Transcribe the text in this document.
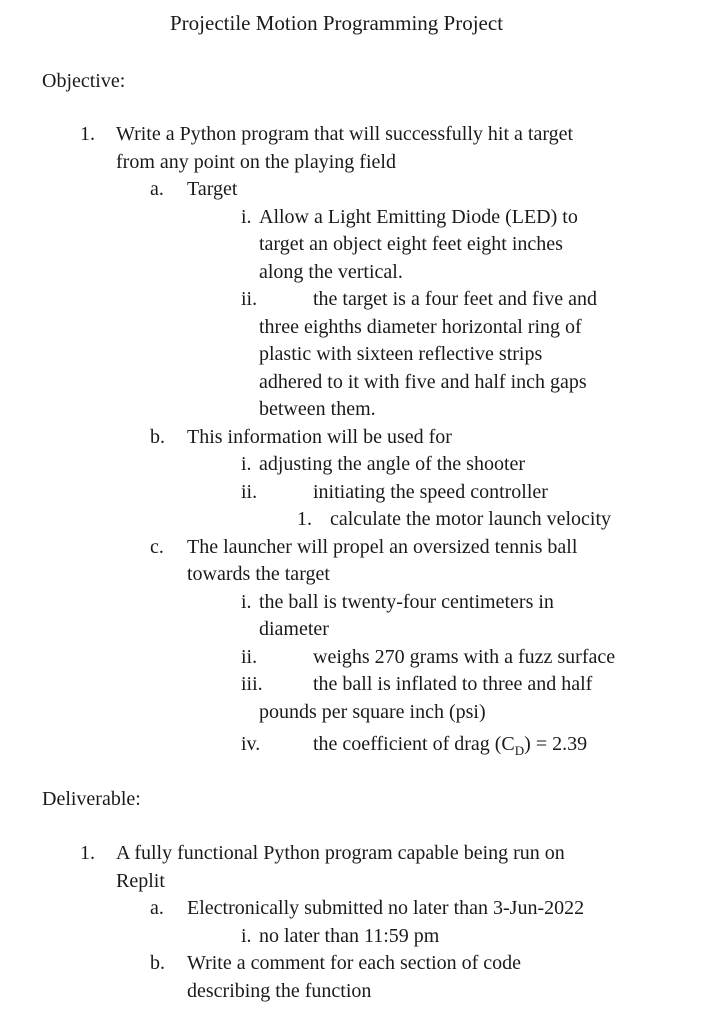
Projectile Motion Programming Project
Objective:
1. Write a Python program that will successfully hit a target
from any point on the playing field
a. Target
i. Allow a Light Emitting Diode (LED) to
target an object eight feet eight inches
along the vertical.
ii.	the target is a four feet and five and
three eighths diameter horizontal ring of
plastic with sixteen reflective strips
adhered to it with five and half inch gaps
between them.
b. This information will be used for
i. adjusting the angle of the shooter
ii.	initiating the speed controller
1. calculate the motor launch velocity
c. The launcher will propel an oversized tennis ball
towards the target
i. the ball is twenty-four centimeters in
diameter
ii.	weighs 270 grams with a fuzz surface
iii.	the ball is inflated to three and half
pounds per square inch (psi)
iv.	the coefficient of drag $(C_D) = 2.39$
Deliverable:
1. A fully functional Python program capable being run on
Replit
a. Electronically submitted no later than 3-Jun-2022
i. no later than 11:59 pm
b. Write a comment for each section of code
describing the function
